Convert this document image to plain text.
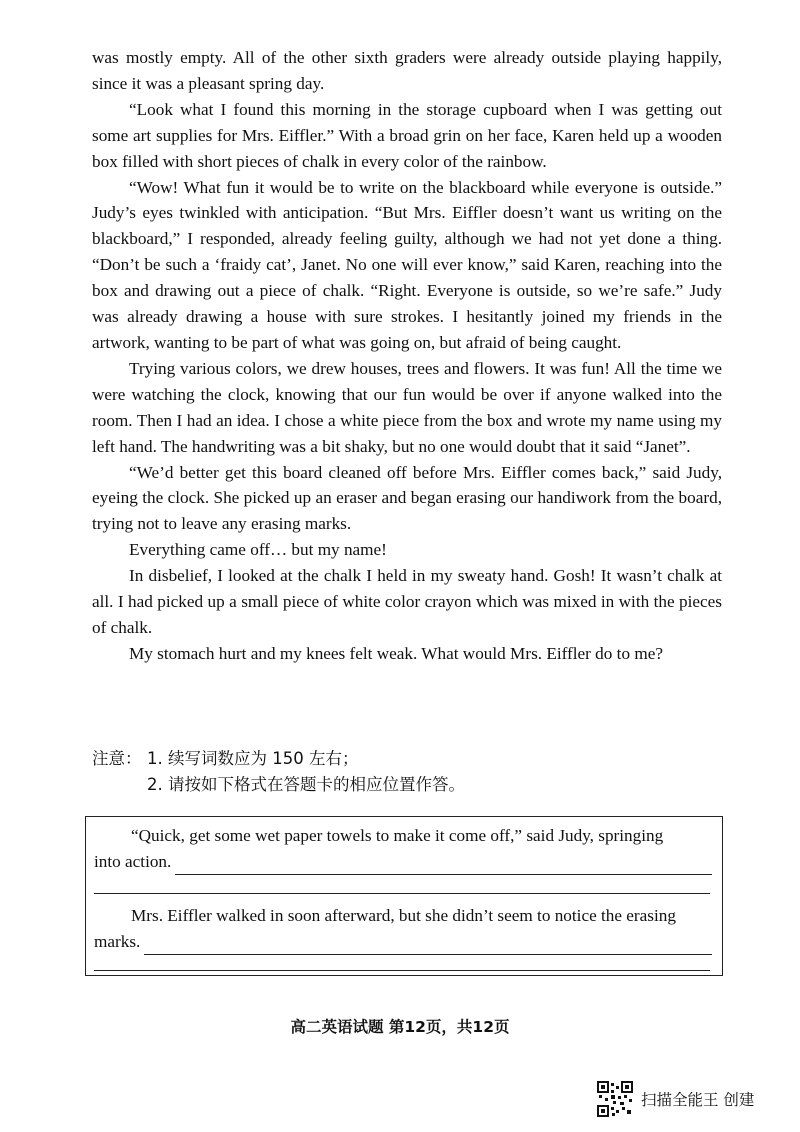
was mostly empty. All of the other sixth graders were already outside playing happily, since it was a pleasant spring day.

“Look what I found this morning in the storage cupboard when I was getting out some art supplies for Mrs. Eiffler.” With a broad grin on her face, Karen held up a wooden box filled with short pieces of chalk in every color of the rainbow.

“Wow! What fun it would be to write on the blackboard while everyone is outside.” Judy’s eyes twinkled with anticipation. “But Mrs. Eiffler doesn’t want us writing on the blackboard,” I responded, already feeling guilty, although we had not yet done a thing. “Don’t be such a ‘fraidy cat’, Janet. No one will ever know,” said Karen, reaching into the box and drawing out a piece of chalk. “Right. Everyone is outside, so we’re safe.” Judy was already drawing a house with sure strokes. I hesitantly joined my friends in the artwork, wanting to be part of what was going on, but afraid of being caught.

Trying various colors, we drew houses, trees and flowers. It was fun! All the time we were watching the clock, knowing that our fun would be over if anyone walked into the room. Then I had an idea. I chose a white piece from the box and wrote my name using my left hand. The handwriting was a bit shaky, but no one would doubt that it said “Janet”.

“We’d better get this board cleaned off before Mrs. Eiffler comes back,” said Judy, eyeing the clock. She picked up an eraser and began erasing our handiwork from the board, trying not to leave any erasing marks.

Everything came off… but my name!

In disbelief, I looked at the chalk I held in my sweaty hand. Gosh! It wasn’t chalk at all. I had picked up a small piece of white color crayon which was mixed in with the pieces of chalk.

My stomach hurt and my knees felt weak. What would Mrs. Eiffler do to me?

注意： 1. 续写词数应为 150 左右；
2. 请按如下格式在答题卡的相应位置作答。
“Quick, get some wet paper towels to make it come off,” said Judy, springing
into action.
Mrs. Eiffler walked in soon afterward, but she didn’t seem to notice the erasing
marks.
高二英语试题 第12页，共12页
扫描全能王 创建
